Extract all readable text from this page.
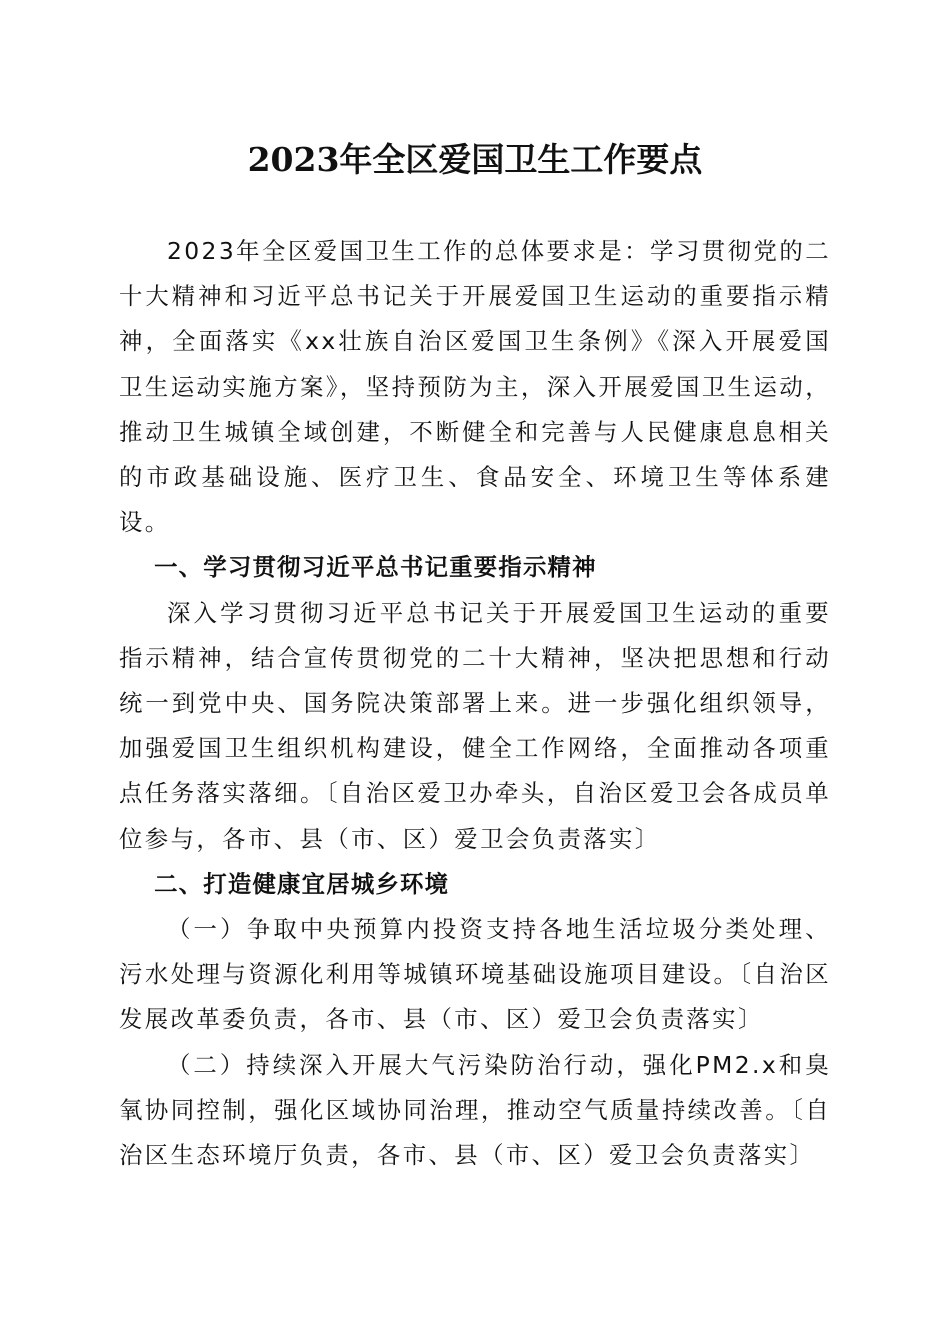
2023年全区爱国卫生工作要点

2023年全区爱国卫生工作的总体要求是：学习贯彻党的二十大精神和习近平总书记关于开展爱国卫生运动的重要指示精神，全面落实《xx壮族自治区爱国卫生条例》《深入开展爱国卫生运动实施方案》，坚持预防为主，深入开展爱国卫生运动，推动卫生城镇全域创建，不断健全和完善与人民健康息息相关的市政基础设施、医疗卫生、食品安全、环境卫生等体系建设。

一、学习贯彻习近平总书记重要指示精神

深入学习贯彻习近平总书记关于开展爱国卫生运动的重要指示精神，结合宣传贯彻党的二十大精神，坚决把思想和行动统一到党中央、国务院决策部署上来。进一步强化组织领导，加强爱国卫生组织机构建设，健全工作网络，全面推动各项重点任务落实落细。〔自治区爱卫办牵头，自治区爱卫会各成员单位参与，各市、县（市、区）爱卫会负责落实〕

二、打造健康宜居城乡环境

（一）争取中央预算内投资支持各地生活垃圾分类处理、污水处理与资源化利用等城镇环境基础设施项目建设。〔自治区发展改革委负责，各市、县（市、区）爱卫会负责落实〕

（二）持续深入开展大气污染防治行动，强化PM2.x和臭氧协同控制，强化区域协同治理，推动空气质量持续改善。〔自治区生态环境厅负责，各市、县（市、区）爱卫会负责落实〕
